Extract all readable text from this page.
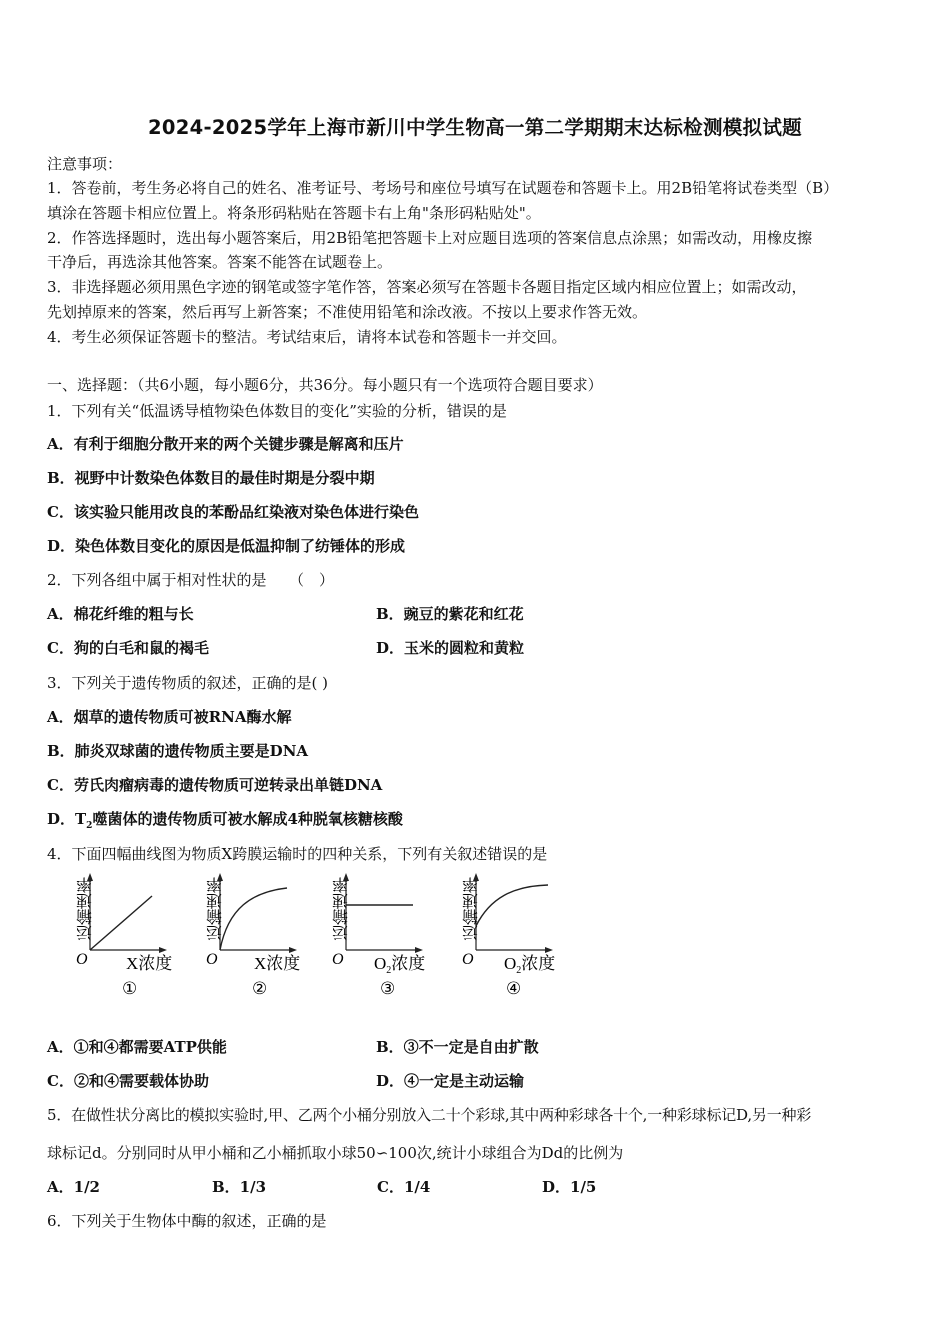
2024-2025学年上海市新川中学生物高一第二学期期末达标检测模拟试题
注意事项：
1．答卷前，考生务必将自己的姓名、准考证号、考场号和座位号填写在试题卷和答题卡上。用2B铅笔将试卷类型（B）
填涂在答题卡相应位置上。将条形码粘贴在答题卡右上角"条形码粘贴处"。
2．作答选择题时，选出每小题答案后，用2B铅笔把答题卡上对应题目选项的答案信息点涂黑；如需改动，用橡皮擦
干净后，再选涂其他答案。答案不能答在试题卷上。
3．非选择题必须用黑色字迹的钢笔或签字笔作答，答案必须写在答题卡各题目指定区域内相应位置上；如需改动，
先划掉原来的答案，然后再写上新答案；不准使用铅笔和涂改液。不按以上要求作答无效。
4．考生必须保证答题卡的整洁。考试结束后，请将本试卷和答题卡一并交回。
一、选择题：（共6小题，每小题6分，共36分。每小题只有一个选项符合题目要求）
1．下列有关“低温诱导植物染色体数目的变化”实验的分析，错误的是
A．有利于细胞分散开来的两个关键步骤是解离和压片
B．视野中计数染色体数目的最佳时期是分裂中期
C．该实验只能用改良的苯酚品红染液对染色体进行染色
D．染色体数目变化的原因是低温抑制了纺锤体的形成
2．下列各组中属于相对性状的是　　（　）
A．棉花纤维的粗与长	B．豌豆的紫花和红花
C．狗的白毛和鼠的褐毛	D．玉米的圆粒和黄粒
3．下列关于遗传物质的叙述，正确的是( )
A．烟草的遗传物质可被RNA酶水解
B．肺炎双球菌的遗传物质主要是DNA
C．劳氏肉瘤病毒的遗传物质可逆转录出单链DNA
D．$T_2$噬菌体的遗传物质可被水解成4种脱氧核糖核酸
4．下面四幅曲线图为物质X跨膜运输时的四种关系，下列有关叙述错误的是
运输速率
O X浓度
①
运输速率
O X浓度
②
运输速率
O $O_2$浓度
③
运输速率
O $O_2$浓度
④
A．①和④都需要ATP供能	B．③不一定是自由扩散
C．②和④需要载体协助	D．④一定是主动运输
5．在做性状分离比的模拟实验时,甲、乙两个小桶分别放入二十个彩球,其中两种彩球各十个,一种彩球标记D,另一种彩
球标记d。分别同时从甲小桶和乙小桶抓取小球50∽100次,统计小球组合为Dd的比例为
A．1/2	B．1/3	C．1/4	D．1/5
6．下列关于生物体中酶的叙述，正确的是
